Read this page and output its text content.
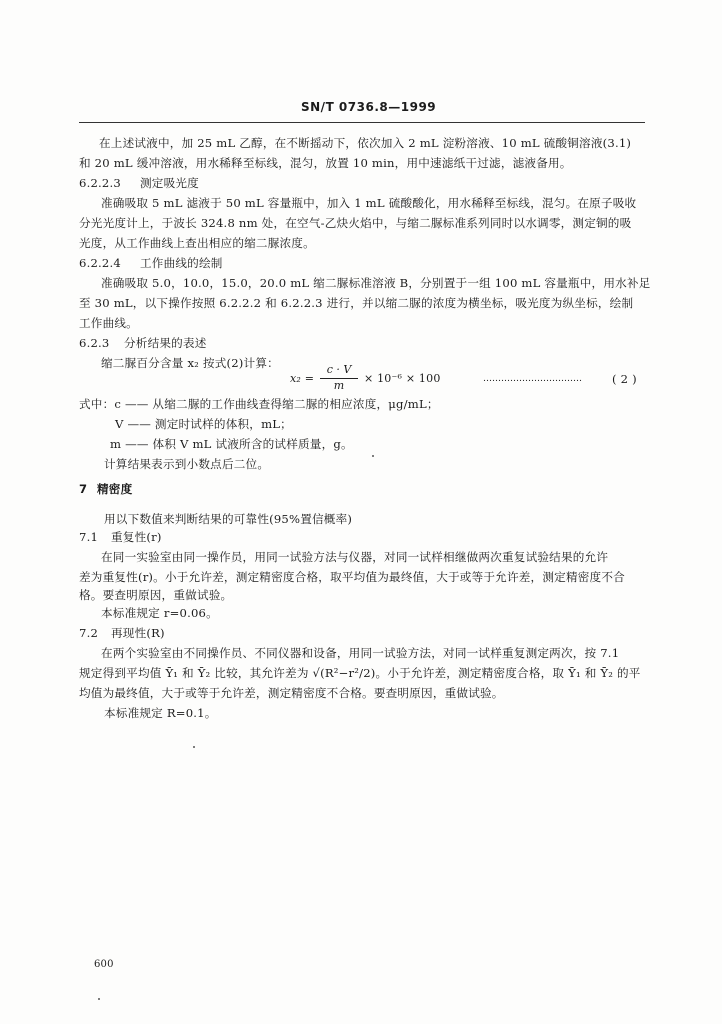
SN/T 0736.8—1999
在上述试液中，加 25 mL 乙醇，在不断摇动下，依次加入 2 mL 淀粉溶液、10 mL 硫酸铜溶液(3.1)
和 20 mL 缓冲溶液，用水稀释至标线，混匀，放置 10 min，用中速滤纸干过滤，滤液备用。
6.2.2.3 测定吸光度
准确吸取 5 mL 滤液于 50 mL 容量瓶中，加入 1 mL 硫酸酸化，用水稀释至标线，混匀。在原子吸收
分光光度计上，于波长 324.8 nm 处，在空气-乙炔火焰中，与缩二脲标准系列同时以水调零，测定铜的吸
光度，从工作曲线上查出相应的缩二脲浓度。
6.2.2.4 工作曲线的绘制
准确吸取 5.0，10.0，15.0，20.0 mL 缩二脲标准溶液 B，分别置于一组 100 mL 容量瓶中，用水补足
至 30 mL，以下操作按照 6.2.2.2 和 6.2.2.3 进行，并以缩二脲的浓度为横坐标，吸光度为纵坐标，绘制
工作曲线。
6.2.3 分析结果的表述
缩二脲百分含量 x₂ 按式(2)计算：
x₂ =
c · V
m
× 10⁻⁶ × 100	……………………………	( 2 )
式中：c —— 从缩二脲的工作曲线查得缩二脲的相应浓度，μg/mL；
V —— 测定时试样的体积，mL；
m —— 体积 V mL 试液所含的试样质量，g。
计算结果表示到小数点后二位。
7 精密度
用以下数值来判断结果的可靠性(95%置信概率)
7.1 重复性(r)
在同一实验室由同一操作员，用同一试验方法与仪器，对同一试样相继做两次重复试验结果的允许
差为重复性(r)。小于允许差，测定精密度合格，取平均值为最终值，大于或等于允许差，测定精密度不合
格。要查明原因，重做试验。
本标准规定 r=0.06。
7.2 再现性(R)
在两个实验室由不同操作员、不同仪器和设备，用同一试验方法，对同一试样重复测定两次，按 7.1
规定得到平均值 Ȳ₁ 和 Ȳ₂ 比较，其允许差为 √(R²−r²/2)。小于允许差，测定精密度合格，取 Ȳ₁ 和 Ȳ₂ 的平
均值为最终值，大于或等于允许差，测定精密度不合格。要查明原因，重做试验。
本标准规定 R=0.1。
600
